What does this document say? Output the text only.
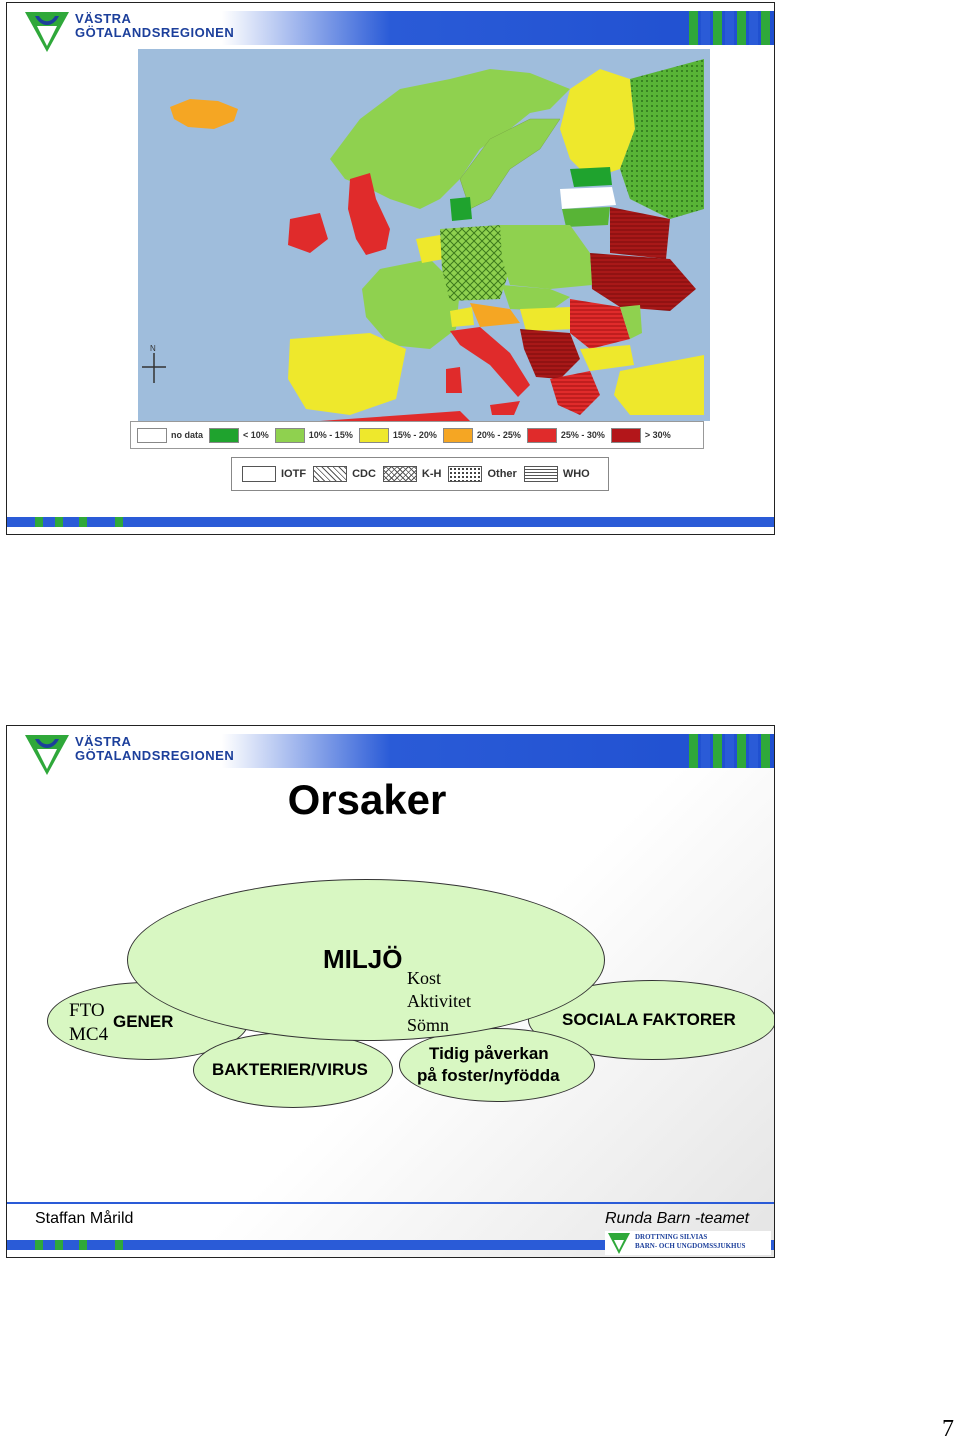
VÄSTRA
GÖTALANDSREGIONEN
N
no data	< 10%	10% - 15%	15% - 20%	20% - 25%	25% - 30%	> 30%
IOTF	CDC	K-H	Other	WHO
VÄSTRA
GÖTALANDSREGIONEN
Orsaker
MILJÖ
Kost
Aktivitet
Sömn
FTO
MC4
GENER	SOCIALA FAKTORER
BAKTERIER/VIRUS
Tidig påverkan
på foster/nyfödda
Staffan Mårild	Runda Barn -teamet
DROTTNING SILVIAS
BARN- OCH UNGDOMSSJUKHUS
7
